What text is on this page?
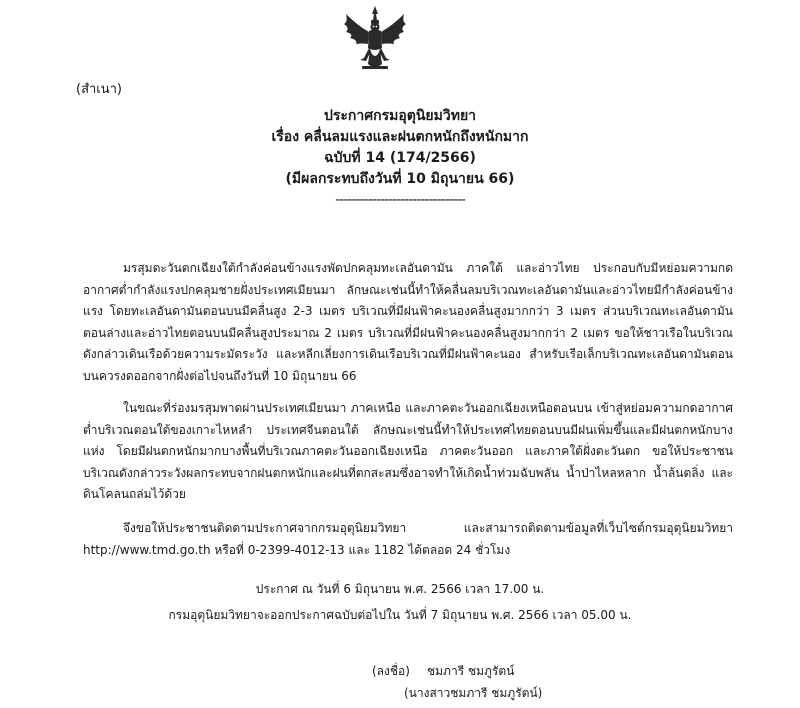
(สำเนา)
ประกาศกรมอุตุนิยมวิทยา
เรื่อง คลื่นลมแรงและฝนตกหนักถึงหนักมาก
ฉบับที่ 14 (174/2566)
(มีผลกระทบถึงวันที่ 10 มิถุนายน 66)
--------------------------------
มรสุมตะวันตกเฉียงใต้กำลังค่อนข้างแรงพัดปกคลุมทะเลอันดามัน ภาคใต้ และอ่าวไทย ประกอบกับมีหย่อมความกดอากาศต่ำกำลังแรงปกคลุมชายฝั่งประเทศเมียนมา ลักษณะเช่นนี้ทำให้คลื่นลมบริเวณทะเลอันดามันและอ่าวไทยมีกำลังค่อนข้างแรง โดยทะเลอันดามันตอนบนมีคลื่นสูง 2-3 เมตร บริเวณที่มีฝนฟ้าคะนองคลื่นสูงมากกว่า 3 เมตร ส่วนบริเวณทะเลอันดามันตอนล่างและอ่าวไทยตอนบนมีคลื่นสูงประมาณ 2 เมตร บริเวณที่มีฝนฟ้าคะนองคลื่นสูงมากกว่า 2 เมตร ขอให้ชาวเรือในบริเวณดังกล่าวเดินเรือด้วยความระมัดระวัง และหลีกเลี่ยงการเดินเรือบริเวณที่มีฝนฟ้าคะนอง สำหรับเรือเล็กบริเวณทะเลอันดามันตอนบนควรงดออกจากฝั่งต่อไปจนถึงวันที่ 10 มิถุนายน 66
ในขณะที่ร่องมรสุมพาดผ่านประเทศเมียนมา ภาคเหนือ และภาคตะวันออกเฉียงเหนือตอนบน เข้าสู่หย่อมความกดอากาศต่ำบริเวณตอนใต้ของเกาะไหหลำ ประเทศจีนตอนใต้ ลักษณะเช่นนี้ทำให้ประเทศไทยตอนบนมีฝนเพิ่มขึ้นและมีฝนตกหนักบางแห่ง โดยมีฝนตกหนักมากบางพื้นที่บริเวณภาคตะวันออกเฉียงเหนือ ภาคตะวันออก และภาคใต้ฝั่งตะวันตก ขอให้ประชาชนบริเวณดังกล่าวระวังผลกระทบจากฝนตกหนักและฝนที่ตกสะสมซึ่งอาจทำให้เกิดน้ำท่วมฉับพลัน น้ำป่าไหลหลาก น้ำล้นตลิ่ง และดินโคลนถล่มไว้ด้วย
จึงขอให้ประชาชนติดตามประกาศจากกรมอุตุนิยมวิทยา และสามารถติดตามข้อมูลที่เว็บไซต์กรมอุตุนิยมวิทยา http://www.tmd.go.th หรือที่ 0-2399-4012-13 และ 1182 ได้ตลอด 24 ชั่วโมง
ประกาศ ณ วันที่ 6 มิถุนายน พ.ศ. 2566 เวลา 17.00 น.
กรมอุตุนิยมวิทยาจะออกประกาศฉบับต่อไปใน วันที่ 7 มิถุนายน พ.ศ. 2566 เวลา 05.00 น.
(ลงชื่อ) ชมภารี ชมภูรัตน์
(นางสาวชมภารี ชมภูรัตน์)
